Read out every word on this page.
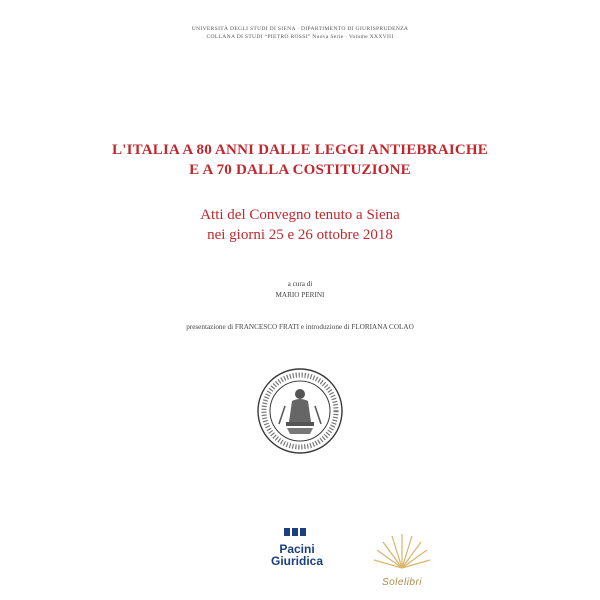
UNIVERSITÀ DEGLI STUDI DI SIENA · DIPARTIMENTO DI GIURISPRUDENZA
COLLANA DI STUDI “PIETRO ROSSI” Nuova Serie · Volume XXXVIII
L'ITALIA A 80 ANNI DALLE LEGGI ANTIEBRAICHE
E A 70 DALLA COSTITUZIONE
Atti del Convegno tenuto a Siena
nei giorni 25 e 26 ottobre 2018
a cura di
MARIO PERINI
presentazione di FRANCESCO FRATI e introduzione di FLORIANA COLAO
Pacini
Giuridica
Solelibri
